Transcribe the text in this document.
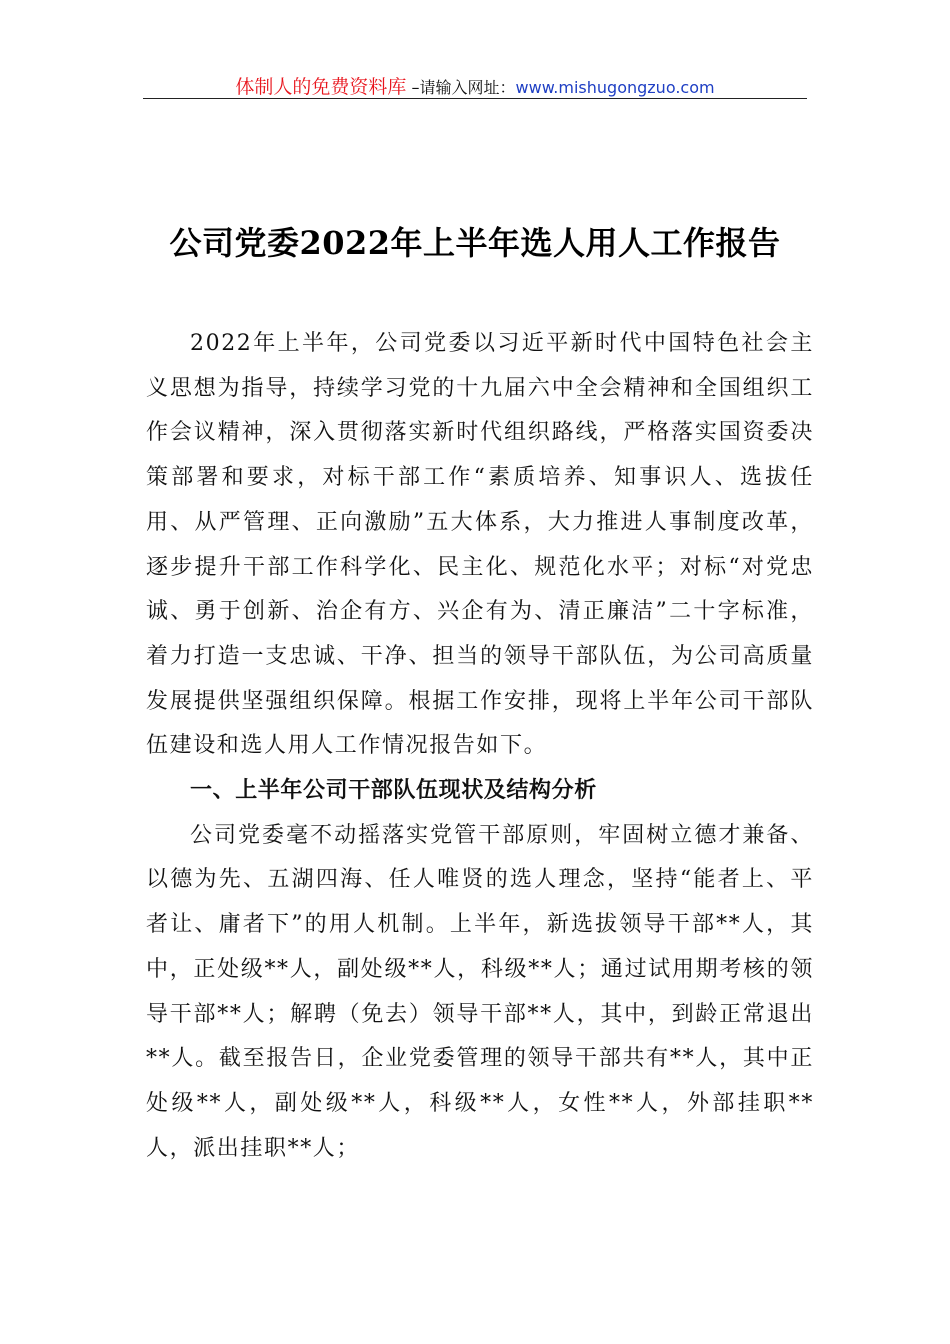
体制人的免费资料库 –请输入网址：www.mishugongzuo.com
公司党委2022年上半年选人用人工作报告

2022年上半年，公司党委以习近平新时代中国特色社会主义思想为指导，持续学习党的十九届六中全会精神和全国组织工作会议精神，深入贯彻落实新时代组织路线，严格落实国资委决策部署和要求，对标干部工作“素质培养、知事识人、选拔任用、从严管理、正向激励”五大体系，大力推进人事制度改革，逐步提升干部工作科学化、民主化、规范化水平；对标“对党忠诚、勇于创新、治企有方、兴企有为、清正廉洁”二十字标准，着力打造一支忠诚、干净、担当的领导干部队伍，为公司高质量发展提供坚强组织保障。根据工作安排，现将上半年公司干部队伍建设和选人用人工作情况报告如下。

一、上半年公司干部队伍现状及结构分析

公司党委毫不动摇落实党管干部原则，牢固树立德才兼备、以德为先、五湖四海、任人唯贤的选人理念，坚持“能者上、平者让、庸者下”的用人机制。上半年，新选拔领导干部**人，其中，正处级**人，副处级**人，科级**人；通过试用期考核的领导干部**人；解聘（免去）领导干部**人，其中，到龄正常退出**人。截至报告日，企业党委管理的领导干部共有**人，其中正处级**人，副处级**人，科级**人，女性**人，外部挂职**人，派出挂职**人；
